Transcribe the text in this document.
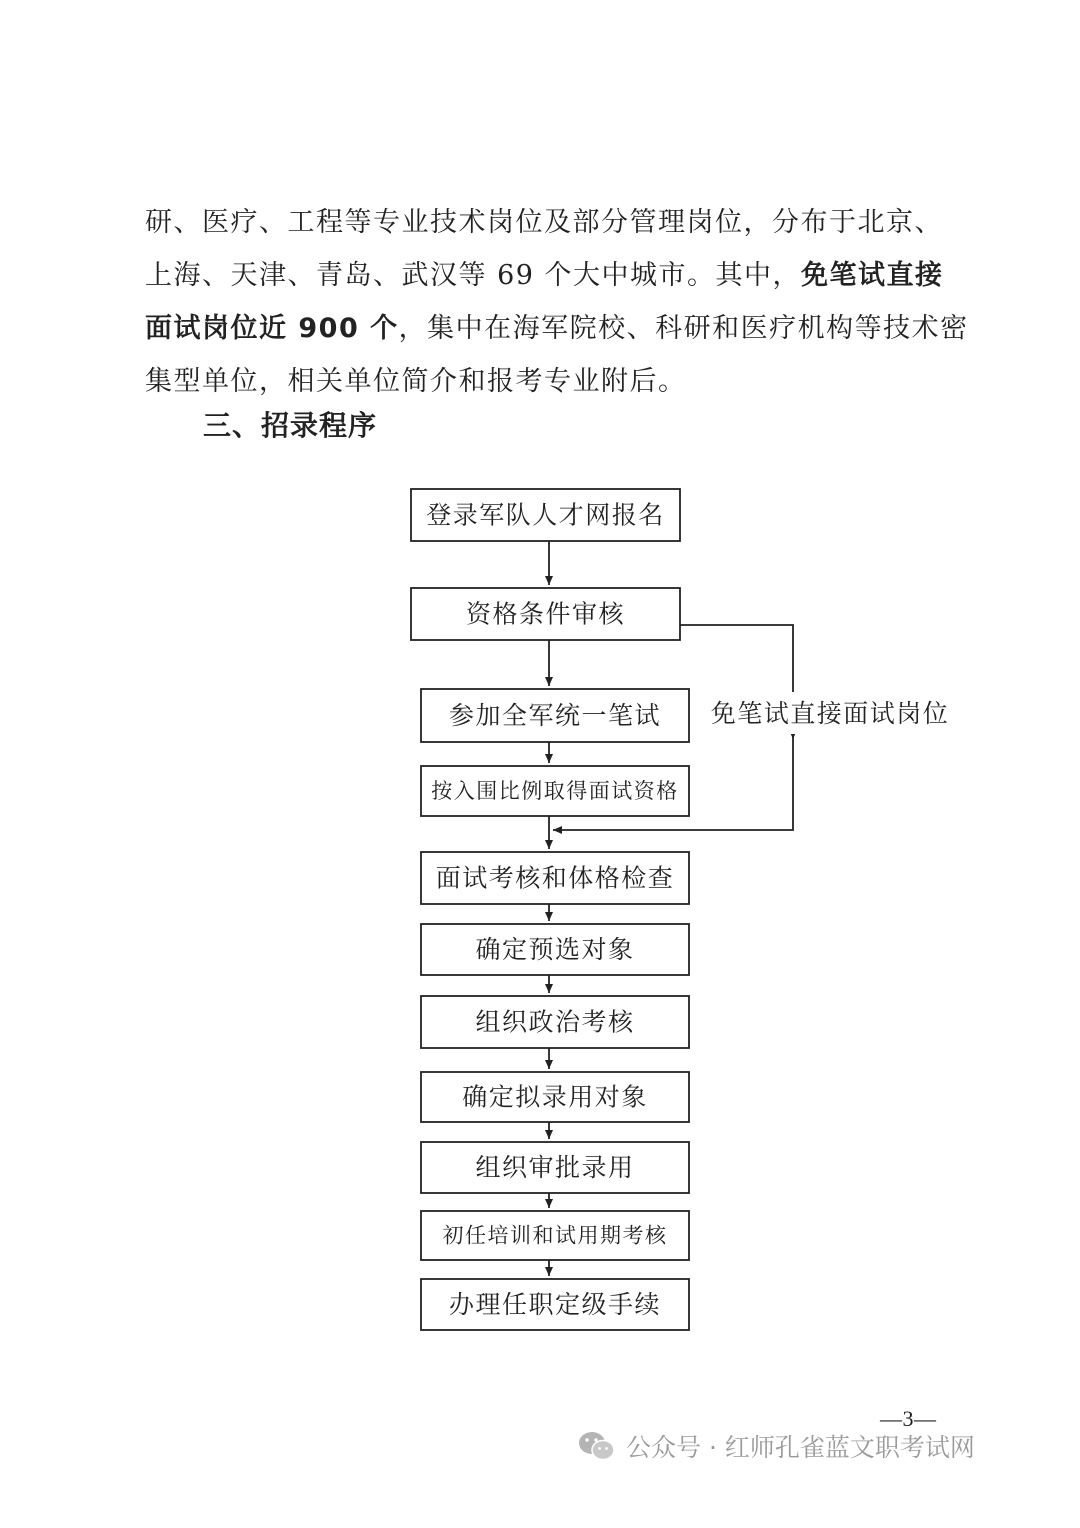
研、医疗、工程等专业技术岗位及部分管理岗位，分布于北京、
上海、天津、青岛、武汉等 69 个大中城市。其中，免笔试直接
面试岗位近 900 个，集中在海军院校、科研和医疗机构等技术密
集型单位，相关单位简介和报考专业附后。
三、招录程序
免笔试直接面试岗位
登录军队人才网报名
资格条件审核
参加全军统一笔试
按入围比例取得面试资格
面试考核和体格检查
确定预选对象
组织政治考核
确定拟录用对象
组织审批录用
初任培训和试用期考核
办理任职定级手续
—3—
公众号 · 红师孔雀蓝文职考试网
